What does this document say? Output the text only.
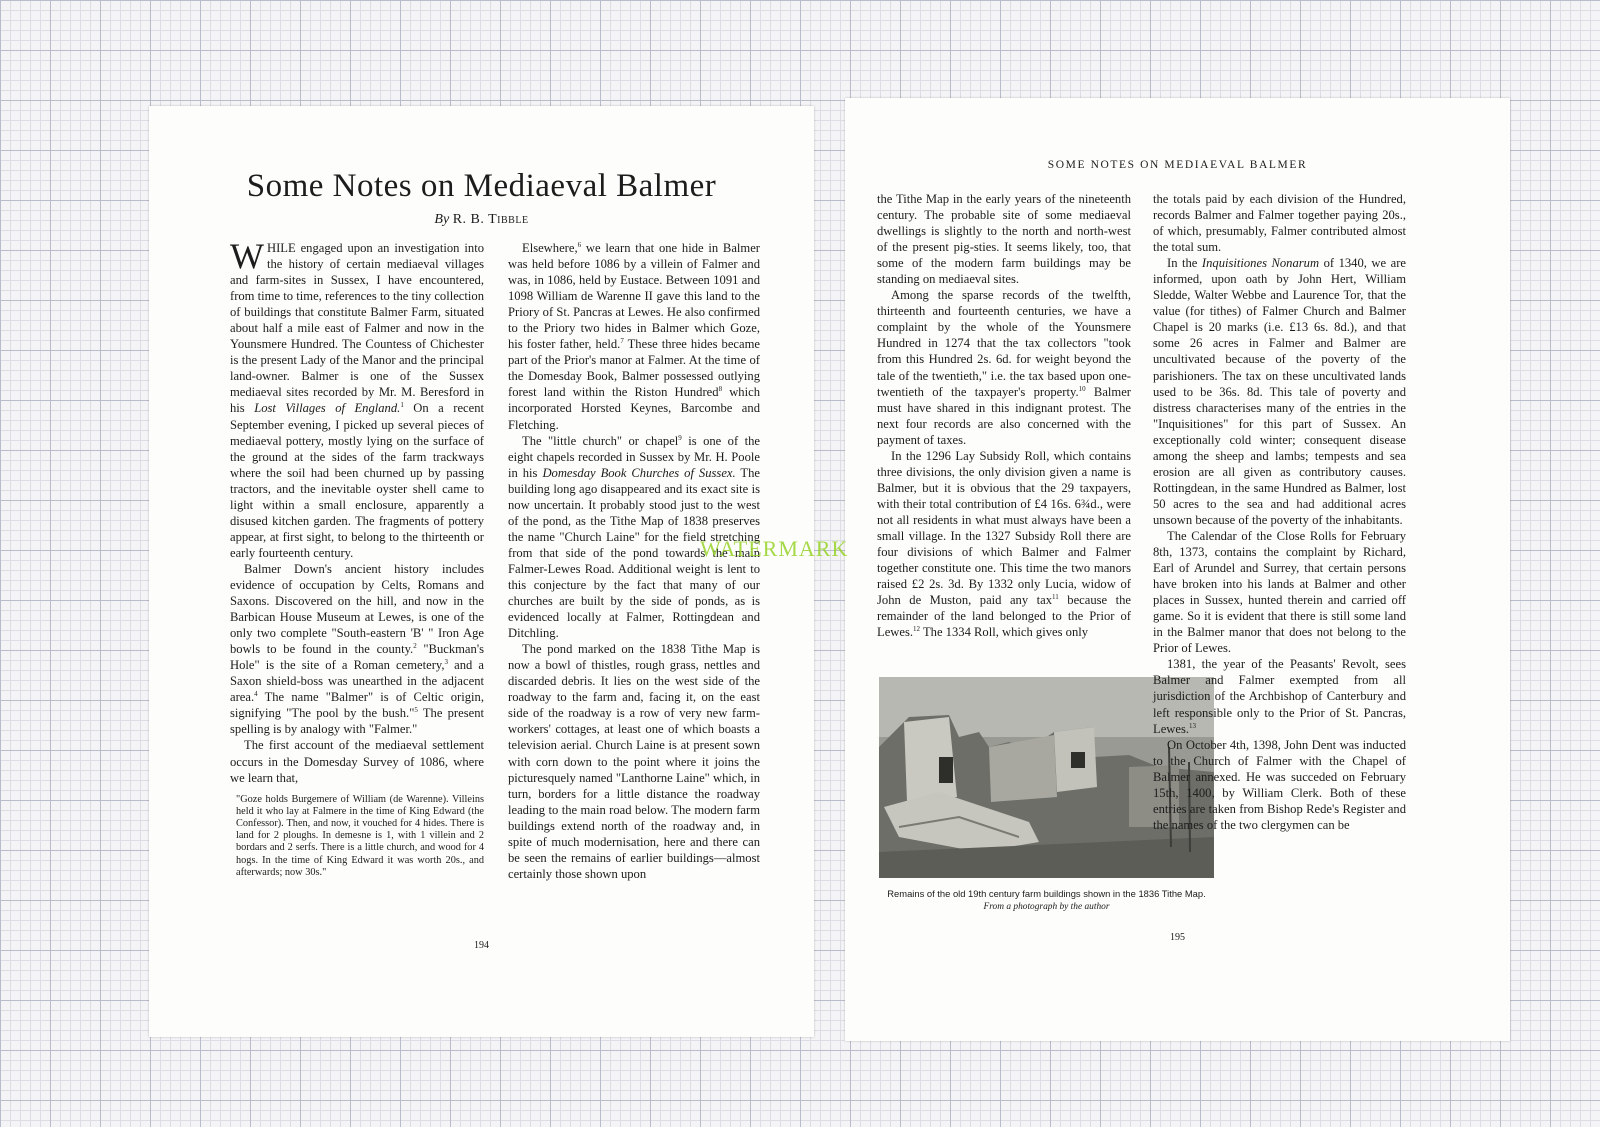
Some Notes on Mediaeval Balmer
By R. B. Tibble

WHILE engaged upon an investigation into the history of certain mediaeval villages and farm-sites in Sussex, I have encountered, from time to time, references to the tiny collection of buildings that constitute Balmer Farm, situated about half a mile east of Falmer and now in the Younsmere Hundred. The Countess of Chichester is the present Lady of the Manor and the principal land-owner. Balmer is one of the Sussex mediaeval sites recorded by Mr. M. Beresford in his Lost Villages of England.$^1$ On a recent September evening, I picked up several pieces of mediaeval pottery, mostly lying on the surface of the ground at the sides of the farm trackways where the soil had been churned up by passing tractors, and the inevitable oyster shell came to light within a small enclosure, apparently a disused kitchen garden. The fragments of pottery appear, at first sight, to belong to the thirteenth or early fourteenth century.

Balmer Down's ancient history includes evidence of occupation by Celts, Romans and Saxons. Discovered on the hill, and now in the Barbican House Museum at Lewes, is one of the only two complete "South-eastern 'B' " Iron Age bowls to be found in the county.$^2$ "Buckman's Hole" is the site of a Roman cemetery,$^3$ and a Saxon shield-boss was unearthed in the adjacent area.$^4$ The name "Balmer" is of Celtic origin, signifying "The pool by the bush."$^5$ The present spelling is by analogy with "Falmer."

The first account of the mediaeval settlement occurs in the Domesday Survey of 1086, where we learn that,

"Goze holds Burgemere of William (de Warenne). Villeins held it who lay at Falmere in the time of King Edward (the Confessor). Then, and now, it vouched for 4 hides. There is land for 2 ploughs. In demesne is 1, with 1 villein and 2 bordars and 2 serfs. There is a little church, and wood for 4 hogs. In the time of King Edward it was worth 20s., and afterwards; now 30s."

Elsewhere,$^6$ we learn that one hide in Balmer was held before 1086 by a villein of Falmer and was, in 1086, held by Eustace. Between 1091 and 1098 William de Warenne II gave this land to the Priory of St. Pancras at Lewes. He also confirmed to the Priory two hides in Balmer which Goze, his foster father, held.$^7$ These three hides became part of the Prior's manor at Falmer. At the time of the Domesday Book, Balmer possessed outlying forest land within the Riston Hundred$^8$ which incorporated Horsted Keynes, Barcombe and Fletching.

The "little church" or chapel$^9$ is one of the eight chapels recorded in Sussex by Mr. H. Poole in his Domesday Book Churches of Sussex. The building long ago disappeared and its exact site is now uncertain. It probably stood just to the west of the pond, as the Tithe Map of 1838 preserves the name "Church Laine" for the field stretching from that side of the pond towards the main Falmer-Lewes Road. Additional weight is lent to this conjecture by the fact that many of our churches are built by the side of ponds, as is evidenced locally at Falmer, Rottingdean and Ditchling.

The pond marked on the 1838 Tithe Map is now a bowl of thistles, rough grass, nettles and discarded debris. It lies on the west side of the roadway to the farm and, facing it, on the east side of the roadway is a row of very new farm-workers' cottages, at least one of which boasts a television aerial. Church Laine is at present sown with corn down to the point where it joins the picturesquely named "Lanthorne Laine" which, in turn, borders for a little distance the roadway leading to the main road below. The modern farm buildings extend north of the roadway and, in spite of much modernisation, here and there can be seen the remains of earlier buildings—almost certainly those shown upon

194
SOME NOTES ON MEDIAEVAL BALMER

the Tithe Map in the early years of the nineteenth century. The probable site of some mediaeval dwellings is slightly to the north and north-west of the present pig-sties. It seems likely, too, that some of the modern farm buildings may be standing on mediaeval sites.

Among the sparse records of the twelfth, thirteenth and fourteenth centuries, we have a complaint by the whole of the Younsmere Hundred in 1274 that the tax collectors "took from this Hundred 2s. 6d. for weight beyond the tale of the twentieth," i.e. the tax based upon one-twentieth of the taxpayer's property.$^{10}$ Balmer must have shared in this indignant protest. The next four records are also concerned with the payment of taxes.

In the 1296 Lay Subsidy Roll, which contains three divisions, the only division given a name is Balmer, but it is obvious that the 29 taxpayers, with their total contribution of £4 16s. 6¾d., were not all residents in what must always have been a small village. In the 1327 Subsidy Roll there are four divisions of which Balmer and Falmer together constitute one. This time the two manors raised £2 2s. 3d. By 1332 only Lucia, widow of John de Muston, paid any tax$^{11}$ because the remainder of the land belonged to the Prior of Lewes.$^{12}$ The 1334 Roll, which gives only

Remains of the old 19th century farm buildings shown in the 1836 Tithe Map. From a photograph by the author

the totals paid by each division of the Hundred, records Balmer and Falmer together paying 20s., of which, presumably, Falmer contributed almost the total sum.

In the Inquisitiones Nonarum of 1340, we are informed, upon oath by John Hert, William Sledde, Walter Webbe and Laurence Tor, that the value (for tithes) of Falmer Church and Balmer Chapel is 20 marks (i.e. £13 6s. 8d.), and that some 26 acres in Falmer and Balmer are uncultivated because of the poverty of the parishioners. The tax on these uncultivated lands used to be 36s. 8d. This tale of poverty and distress characterises many of the entries in the "Inquisitiones" for this part of Sussex. An exceptionally cold winter; consequent disease among the sheep and lambs; tempests and sea erosion are all given as contributory causes. Rottingdean, in the same Hundred as Balmer, lost 50 acres to the sea and had additional acres unsown because of the poverty of the inhabitants.

The Calendar of the Close Rolls for February 8th, 1373, contains the complaint by Richard, Earl of Arundel and Surrey, that certain persons have broken into his lands at Balmer and other places in Sussex, hunted therein and carried off game. So it is evident that there is still some land in the Balmer manor that does not belong to the Prior of Lewes.

1381, the year of the Peasants' Revolt, sees Balmer and Falmer exempted from all jurisdiction of the Archbishop of Canterbury and left responsible only to the Prior of St. Pancras, Lewes.$^{13}$

On October 4th, 1398, John Dent was inducted to the Church of Falmer with the Chapel of Balmer annexed. He was succeded on February 15th, 1400, by William Clerk. Both of these entries are taken from Bishop Rede's Register and the names of the two clergymen can be

195
WATERMARK
